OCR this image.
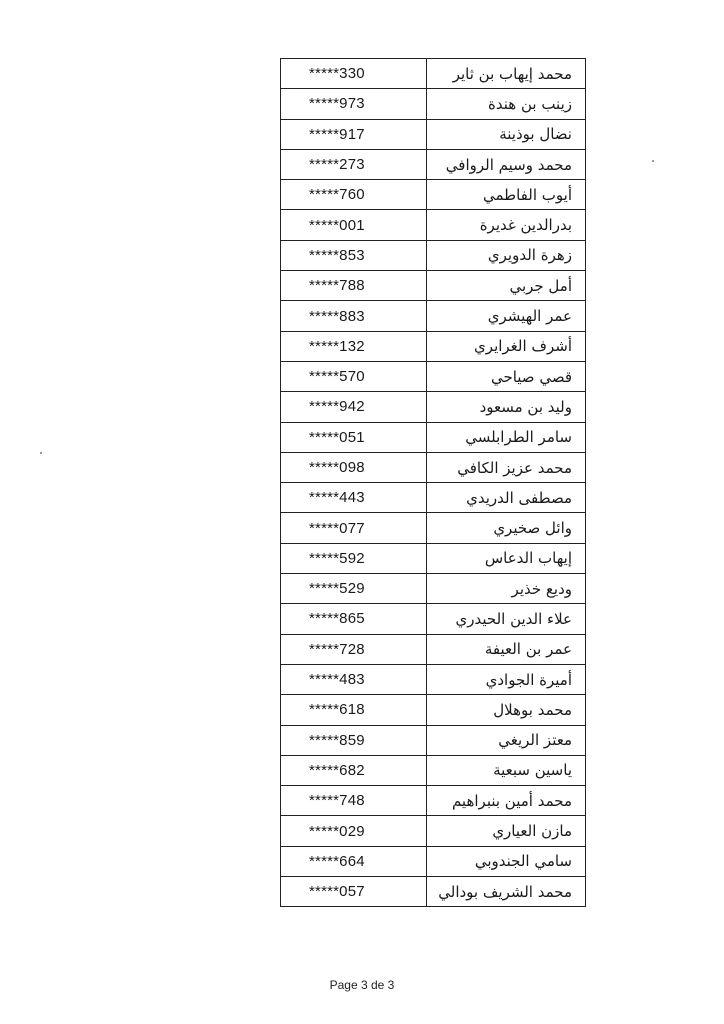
*****330	محمد إيهاب بن ثاير
*****973	زينب بن هندة
*****917	نضال بوذينة
*****273	محمد وسيم الروافي
*****760	أيوب الفاطمي
*****001	بدرالدين غديرة
*****853	زهرة الدويري
*****788	أمل جربي
*****883	عمر الهيشري
*****132	أشرف الغرايري
*****570	قصي صياحي
*****942	وليد بن مسعود
*****051	سامر الطرابلسي
*****098	محمد عزيز الكافي
*****443	مصطفى الدريدي
*****077	وائل صخيري
*****592	إيهاب الدعاس
*****529	وديع خذير
*****865	علاء الدين الحيدري
*****728	عمر بن العيفة
*****483	أميرة الجوادي
*****618	محمد بوهلال
*****859	معتز الريغي
*****682	ياسين سبعية
*****748	محمد أمين بنبراهيم
*****029	مازن العياري
*****664	سامي الجندوبي
*****057	محمد الشريف بودالي
Page 3 de 3
